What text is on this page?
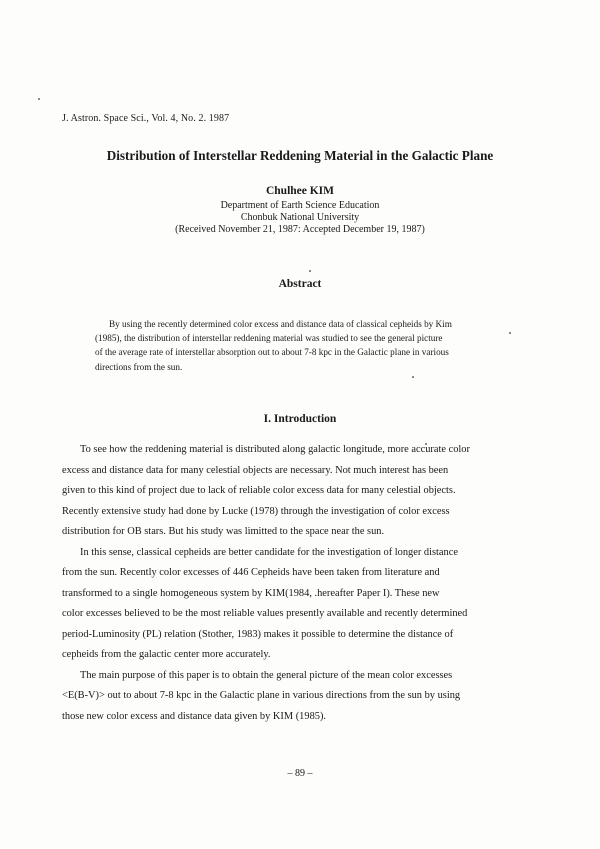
J. Astron. Space Sci., Vol. 4, No. 2. 1987
Distribution of Interstellar Reddening Material in the Galactic Plane
Chulhee KIM
Department of Earth Science Education
Chonbuk National University
(Received November 21, 1987: Accepted December 19, 1987)
Abstract
By using the recently determined color excess and distance data of classical cepheids by Kim
(1985), the distribution of interstellar reddening material was studied to see the general picture
of the average rate of interstellar absorption out to about 7-8 kpc in the Galactic plane in various
directions from the sun.
I. Introduction
To see how the reddening material is distributed along galactic longitude, more accurate color
excess and distance data for many celestial objects are necessary. Not much interest has been
given to this kind of project due to lack of reliable color excess data for many celestial objects.
Recently extensive study had done by Lucke (1978) through the investigation of color excess
distribution for OB stars. But his study was limitted to the space near the sun.
In this sense, classical cepheids are better candidate for the investigation of longer distance
from the sun. Recently color excesses of 446 Cepheids have been taken from literature and
transformed to a single homogeneous system by KIM(1984, .hereafter Paper I). These new
color excesses believed to be the most reliable values presently available and recently determined
period-Luminosity (PL) relation (Stother, 1983) makes it possible to determine the distance of
cepheids from the galactic center more accurately.
The main purpose of this paper is to obtain the general picture of the mean color excesses
<E(B-V)> out to about 7-8 kpc in the Galactic plane in various directions from the sun by using
those new color excess and distance data given by KIM (1985).
– 89 –
